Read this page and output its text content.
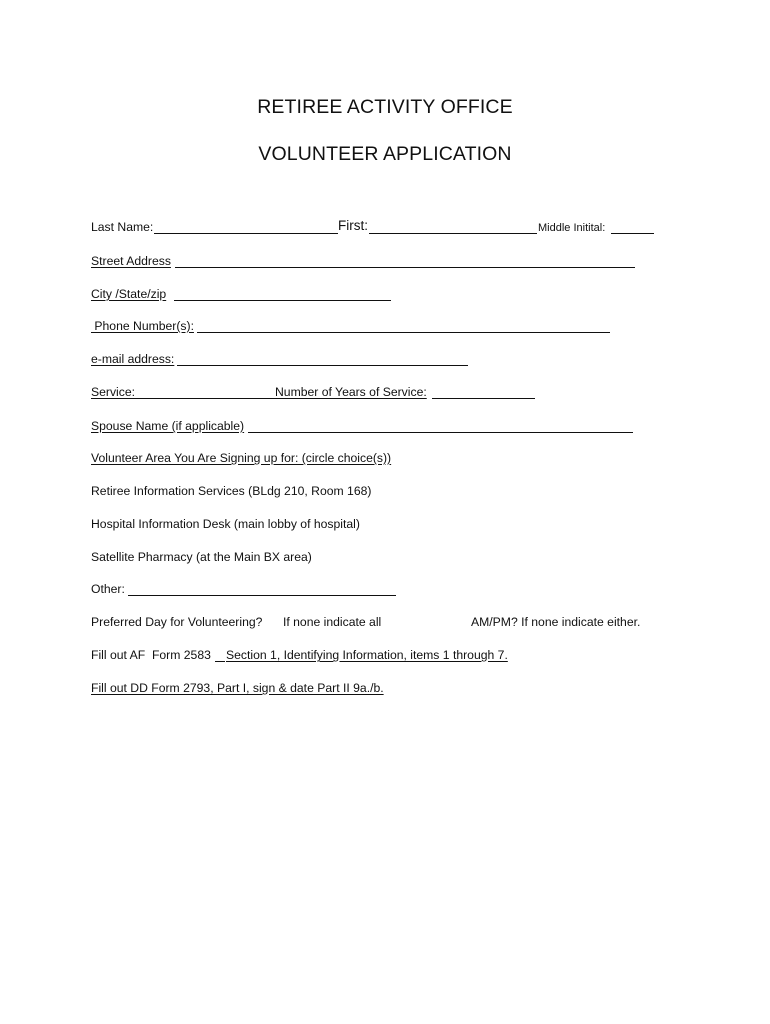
RETIREE ACTIVITY OFFICE
VOLUNTEER APPLICATION
Last Name:	First:	Middle Initital:
Street Address
City /State/zip
Phone Number(s):
e-mail address:
Service:	Number of Years of Service:
Spouse Name (if applicable)
Volunteer Area You Are Signing up for: (circle choice(s))
Retiree Information Services (BLdg 210, Room 168)
Hospital Information Desk (main lobby of hospital)
Satellite Pharmacy (at the Main BX area)
Other:
Preferred Day for Volunteering? If none indicate all	AM/PM? If none indicate either.
Fill out AF  Form 2583 Section 1, Identifying Information, items 1 through 7.
Fill out DD Form 2793, Part I, sign & date Part II 9a./b.
